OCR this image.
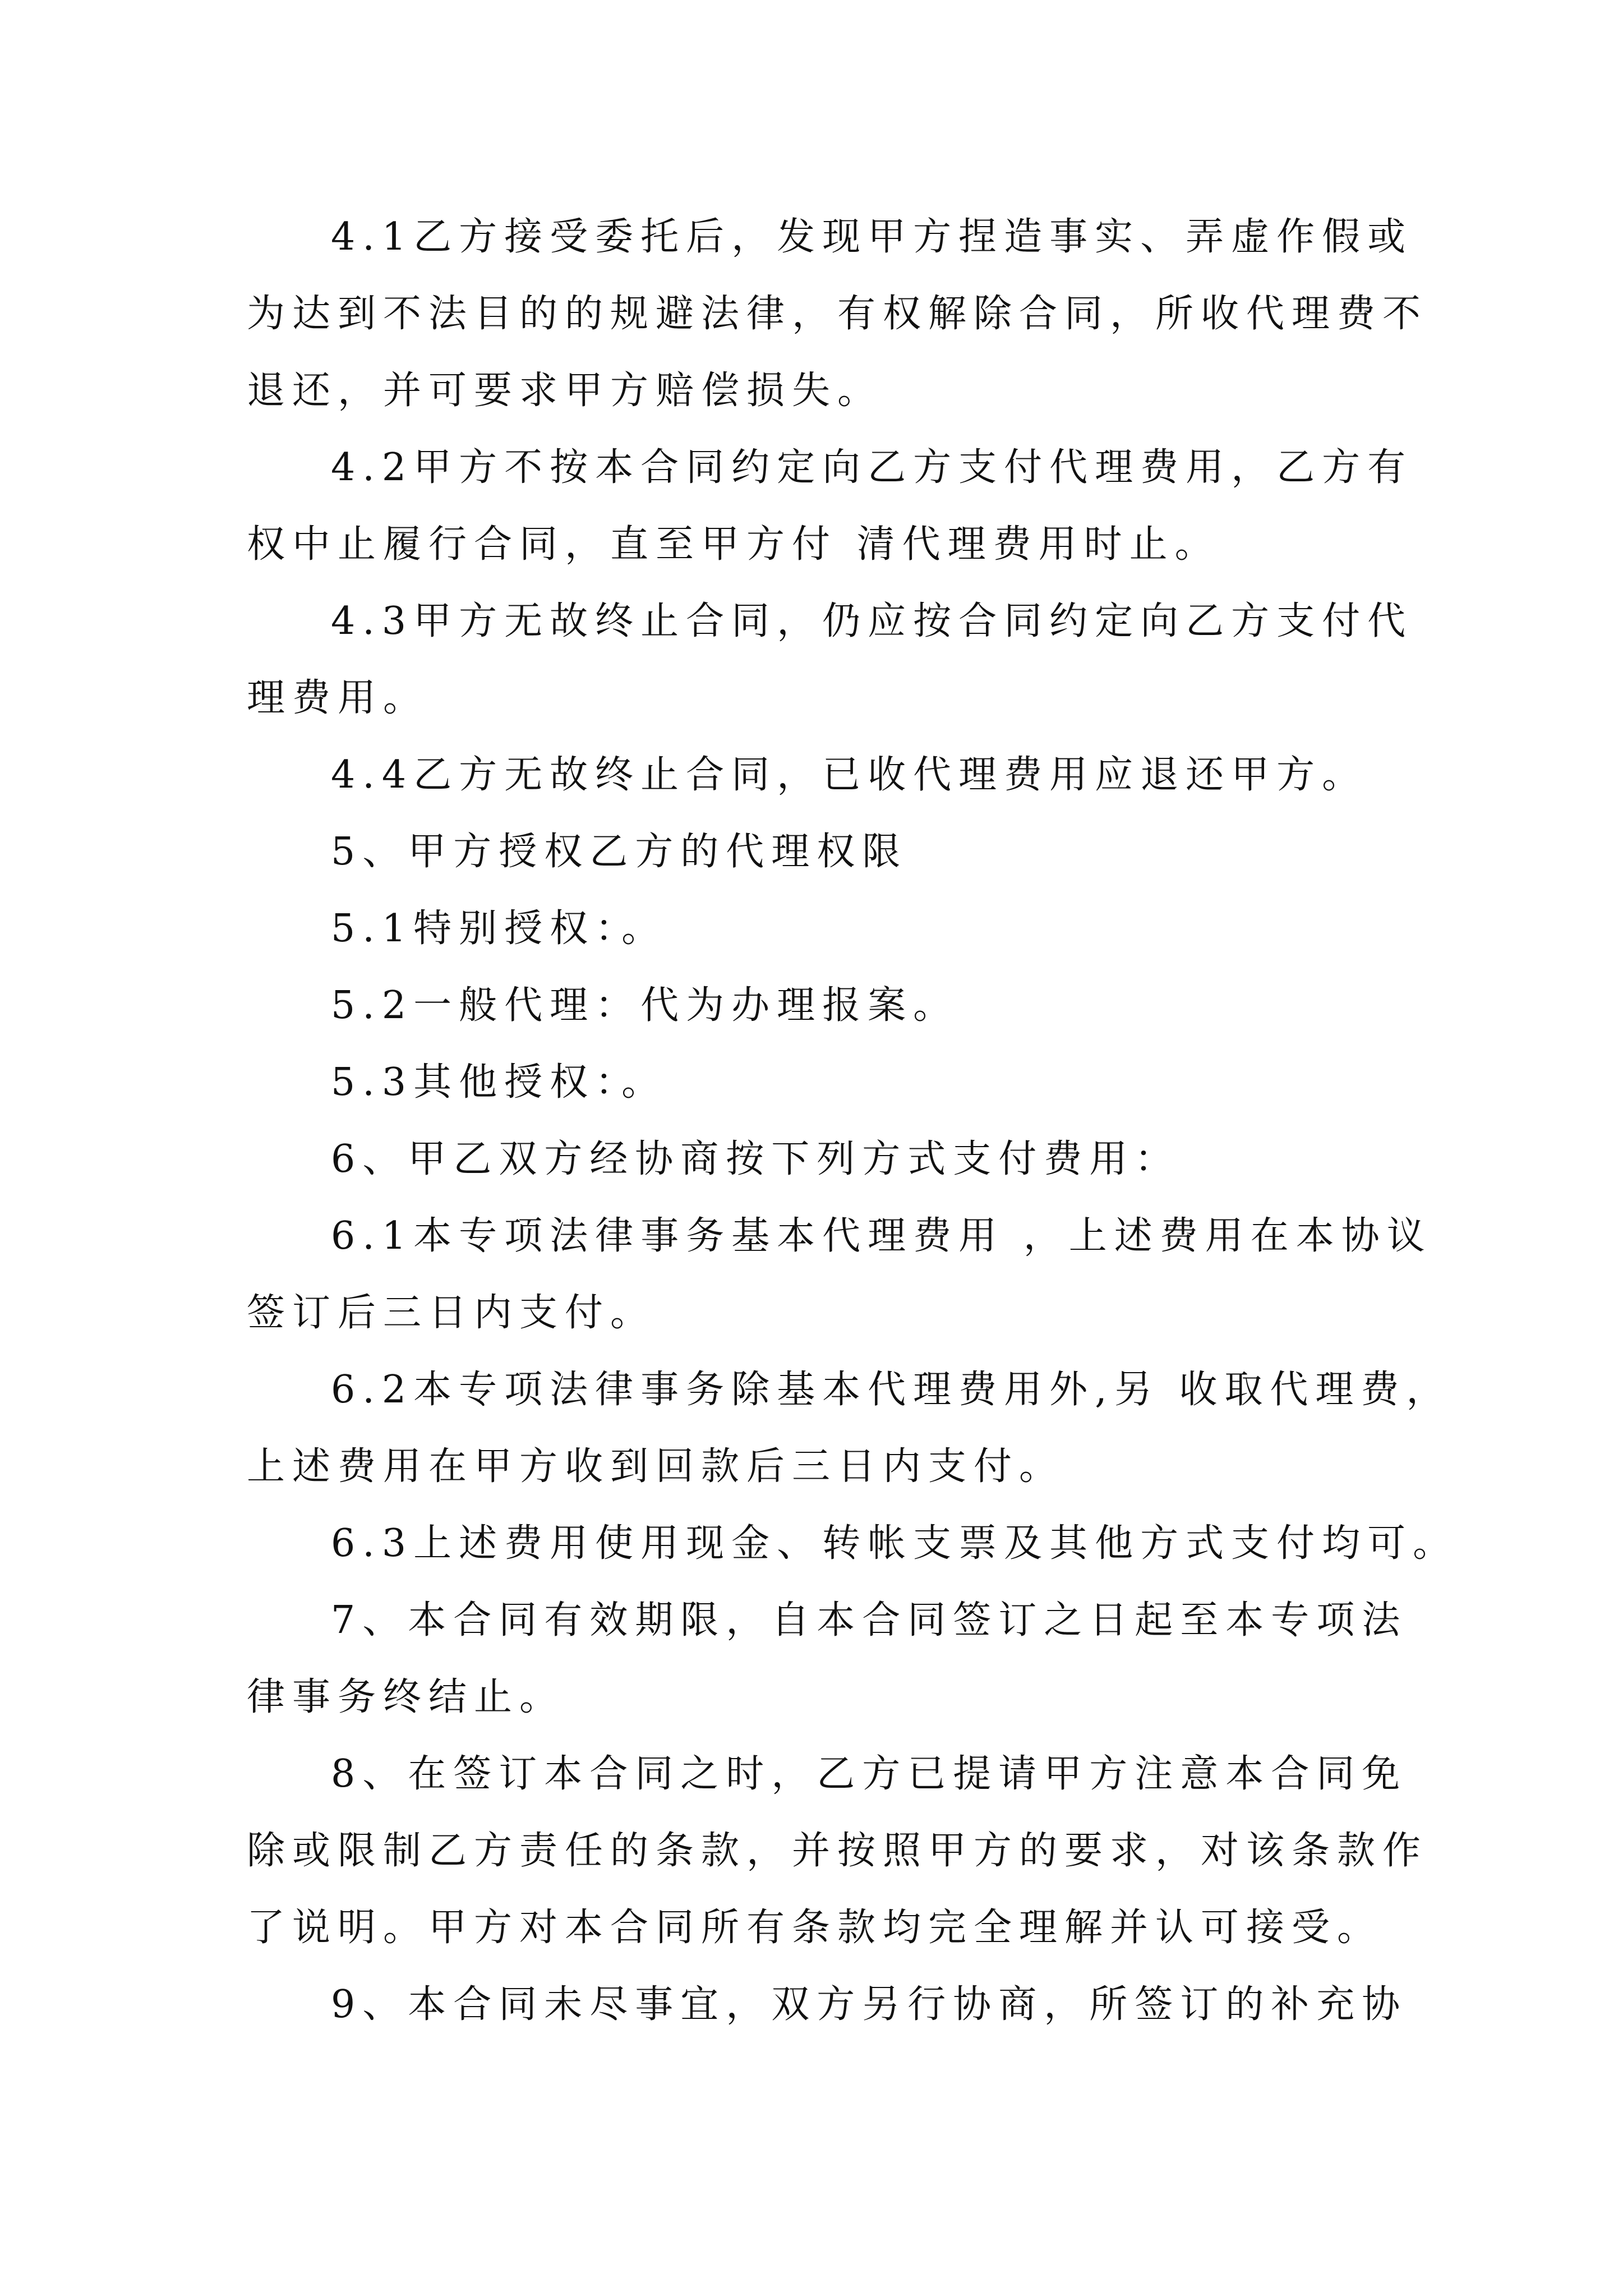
4.1乙方接受委托后，发现甲方捏造事实、弄虚作假或
为达到不法目的的规避法律，有权解除合同，所收代理费不
退还，并可要求甲方赔偿损失。
4.2甲方不按本合同约定向乙方支付代理费用，乙方有
权中止履行合同，直至甲方付 清代理费用时止。
4.3甲方无故终止合同，仍应按合同约定向乙方支付代
理费用。
4.4乙方无故终止合同，已收代理费用应退还甲方。
5、甲方授权乙方的代理权限
5.1特别授权：。
5.2一般代理：代为办理报案。
5.3其他授权：。
6、甲乙双方经协商按下列方式支付费用：
6.1本专项法律事务基本代理费用 ，上述费用在本协议
签订后三日内支付。
6.2本专项法律事务除基本代理费用外,另 收取代理费，
上述费用在甲方收到回款后三日内支付。
6.3上述费用使用现金、转帐支票及其他方式支付均可。
7、本合同有效期限，自本合同签订之日起至本专项法
律事务终结止。
8、在签订本合同之时，乙方已提请甲方注意本合同免
除或限制乙方责任的条款，并按照甲方的要求，对该条款作
了说明。甲方对本合同所有条款均完全理解并认可接受。
9、本合同未尽事宜，双方另行协商，所签订的补充协
